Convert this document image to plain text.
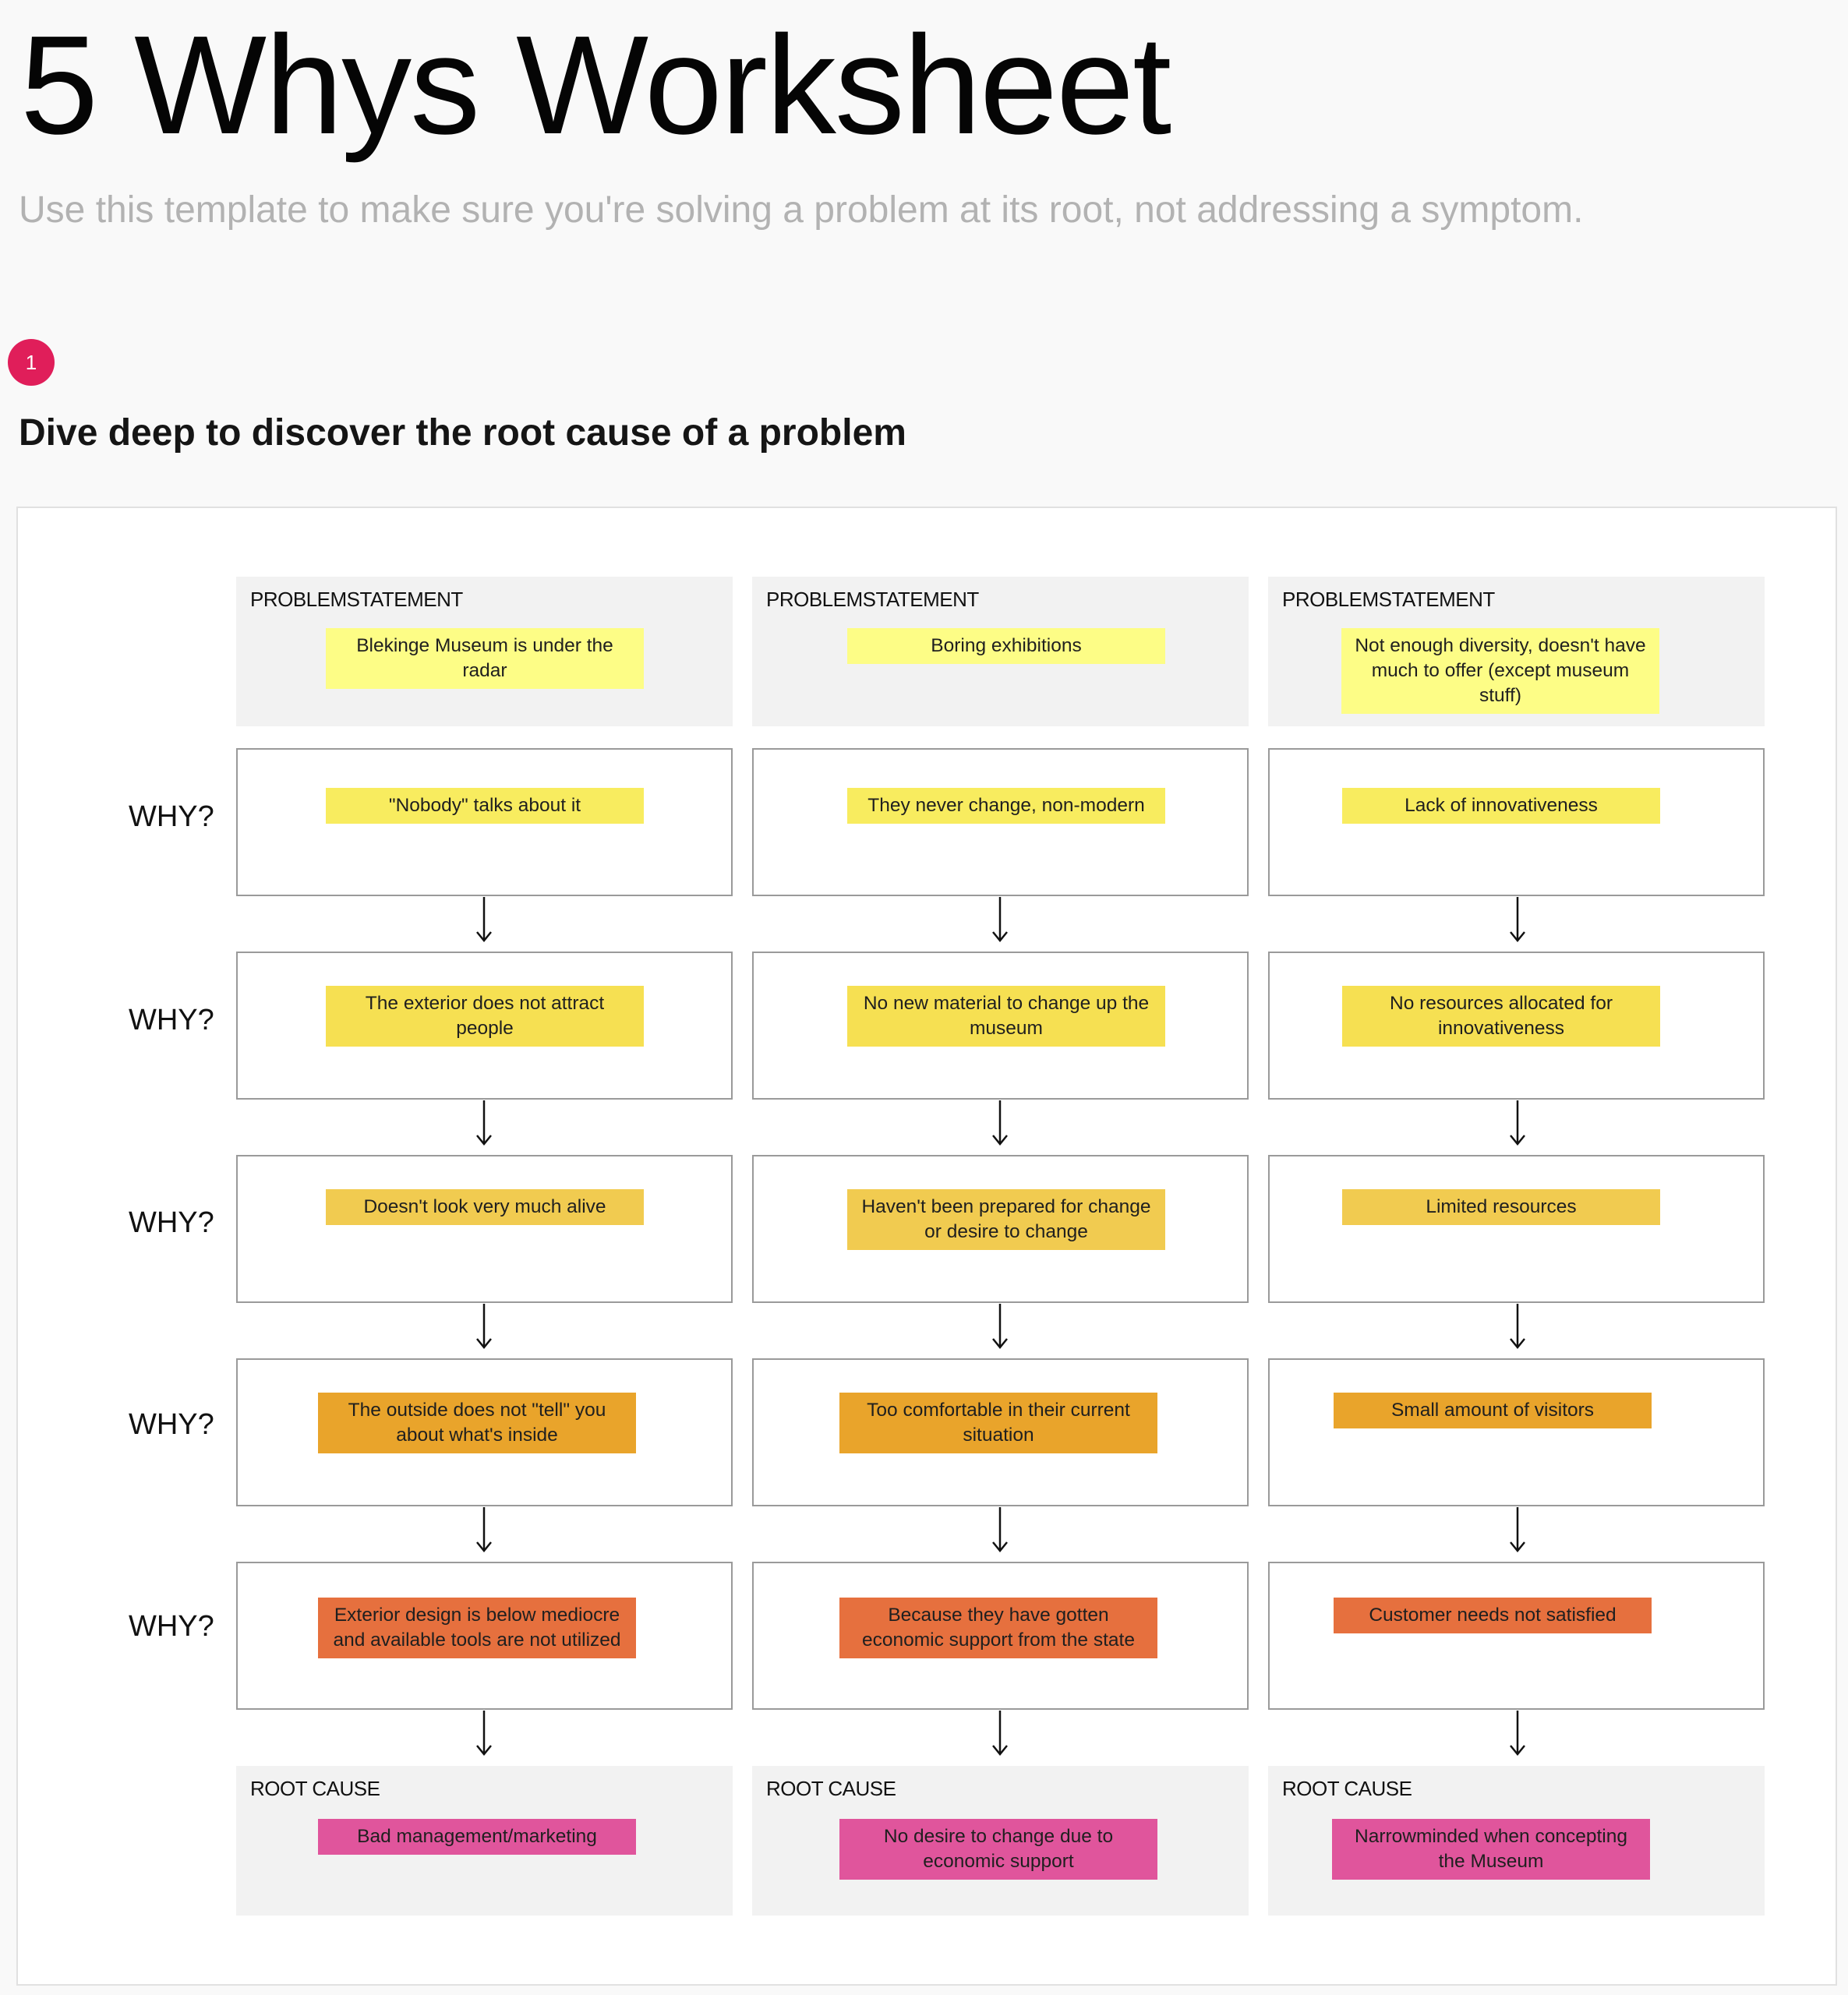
5 Whys Worksheet

Use this template to make sure you're solving a problem at its root, not addressing a symptom.

1
Dive deep to discover the root cause of a problem
WHY?
WHY?
WHY?
WHY?
WHY?
PROBLEMSTATEMENT
Blekinge Museum is under the radar
"Nobody" talks about it
The exterior does not attract people
Doesn't look very much alive
The outside does not "tell" you about what's inside
Exterior design is below mediocre and available tools are not utilized
ROOT CAUSE
Bad management/marketing
PROBLEMSTATEMENT
Boring exhibitions
They never change, non-modern
No new material to change up the museum
Haven't been prepared for change or desire to change
Too comfortable in their current situation
Because they have gotten economic support from the state
ROOT CAUSE
No desire to change due to economic support
PROBLEMSTATEMENT
Not enough diversity, doesn't have much to offer (except museum stuff)
Lack of innovativeness
No resources allocated for innovativeness
Limited resources
Small amount of visitors
Customer needs not satisfied
ROOT CAUSE
Narrowminded when concepting the Museum
